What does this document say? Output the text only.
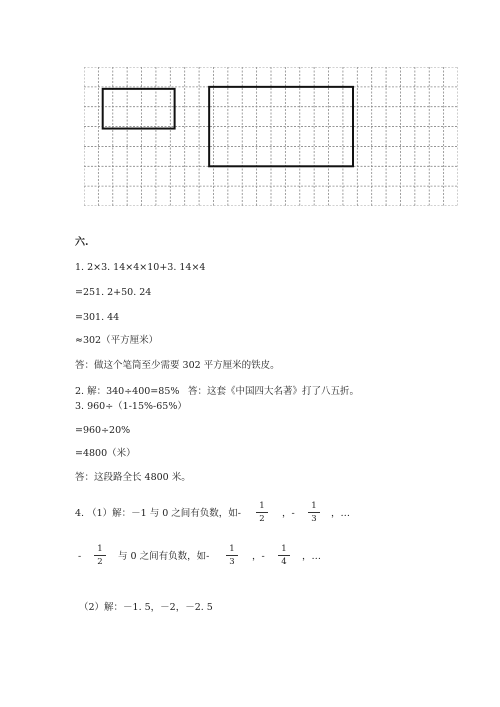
六.
1. 2×3. 14×4×10+3. 14×4
=251. 2+50. 24
=301. 44
≈302（平方厘米）
答：做这个笔筒至少需要 302 平方厘米的铁皮。
2. 解：340÷400=85% 答：这套《中国四大名著》打了八五折。
3. 960÷（1-15%-65%）
=960÷20%
=4800（米）
答：这段路全长 4800 米。
4. （1）解：－1 与 0 之间有负数，如-
1
2	，-
1
3	，…
-
1
2	与 0 之间有负数，如-
1
3	，-
1
4	，…
（2）解：－1. 5，－2，－2. 5
